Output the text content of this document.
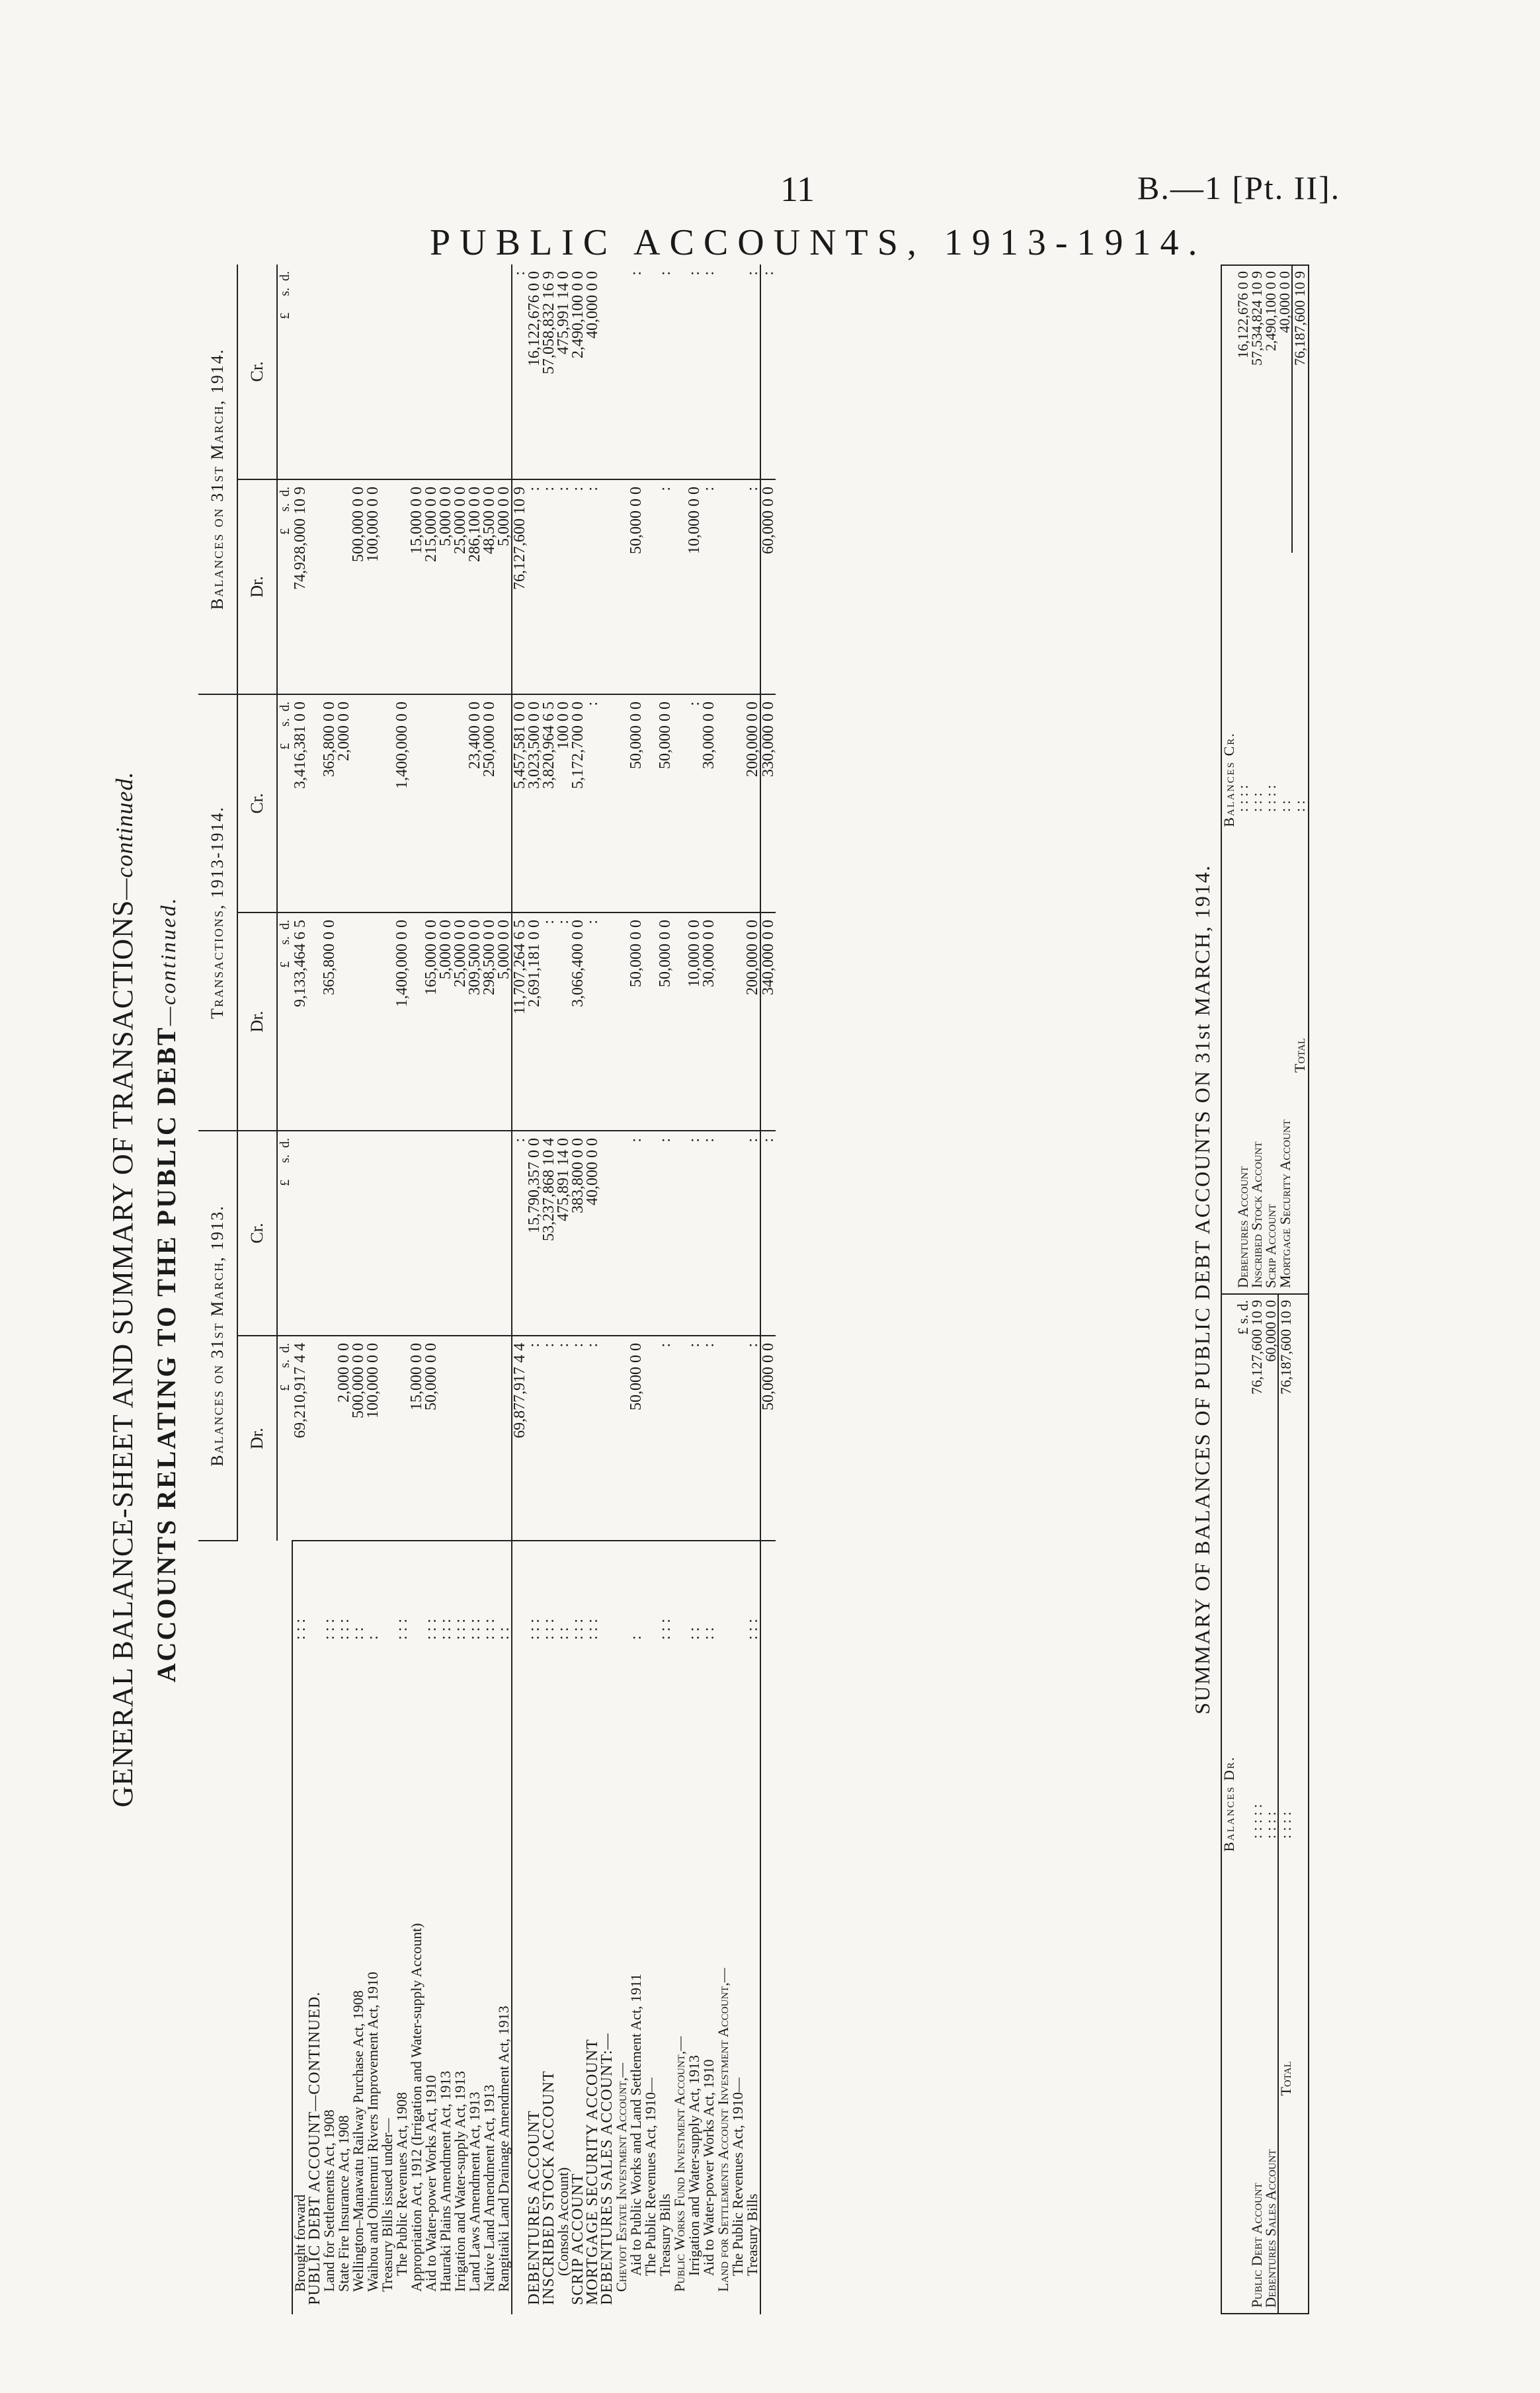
11	B.—1 [Pt. II].
PUBLIC ACCOUNTS, 1913-1914.
GENERAL BALANCE-SHEET AND SUMMARY OF TRANSACTIONS—continued.
ACCOUNTS RELATING TO THE PUBLIC DEBT—continued.
		Balances on 31st March, 1913.		Transactions, 1913-1914.		Balances on 31st March, 1914.	
		Dr.	Cr.	Dr.	Cr.	Dr.	Cr.
		£     s.  d.	£     s.  d.	£     s.  d.	£     s.  d.	£     s.  d.	£     s.  d.
Brought forward	: : :	69,210,917 4 4		9,133,464 6 5	3,416,381 0 0	74,928,000 10 9	
PUBLIC DEBT ACCOUNT—CONTINUED.							
Land for Settlements Act, 1908	: : :			365,800 0 0	365,800 0 0		
State Fire Insurance Act, 1908	: : :	2,000 0 0			2,000 0 0		
Wellington–Manawatu Railway Purchase Act, 1908	: :	500,000 0 0				500,000 0 0	
Waihou and Ohinemuri Rivers Improvement Act, 1910	:	100,000 0 0				100,000 0 0	
Treasury Bills issued under—							
The Public Revenues Act, 1908	: : :			1,400,000 0 0	1,400,000 0 0		
Appropriation Act, 1912 (Irrigation and Water-supply Account)		15,000 0 0				15,000 0 0	
Aid to Water-power Works Act, 1910	: : :	50,000 0 0		165,000 0 0		215,000 0 0	
Hauraki Plains Amendment Act, 1913	: : :			5,000 0 0		5,000 0 0	
Irrigation and Water-supply Act, 1913	: : :			25,000 0 0		25,000 0 0	
Land Laws Amendment Act, 1913	: : :			309,500 0 0	23,400 0 0	286,100 0 0	
Native Land Amendment Act, 1913	: : :			298,500 0 0	250,000 0 0	48,500 0 0	
Rangitaiki Land Drainage Amendment Act, 1913	: :			5,000 0 0		5,000 0 0	
		69,877,917 4 4	:	11,707,264 6 5	5,457,581 0 0	76,127,600 10 9	:
DEBENTURES ACCOUNT	: : :	:	15,790,357 0 0	2,691,181 0 0	3,023,500 0 0	:	16,122,676 0 0
INSCRIBED STOCK ACCOUNT	: : :	:	53,237,868 10 4	:	3,820,964 6 5	:	57,058,832 16 9
(Consols Account)	: :	:	475,891 14 0	:	100 0 0	:	475,991 14 0
SCRIP ACCOUNT	: : :	:	383,800 0 0	3,066,400 0 0	5,172,700 0 0	:	2,490,100 0 0
MORTGAGE SECURITY ACCOUNT	: : :	:	40,000 0 0	:	:	:	40,000 0 0
DEBENTURES SALES ACCOUNT:—							
Cheviot Estate Investment Account,—							
Aid to Public Works and Land Settlement Act, 1911	:	50,000 0 0	:	50,000 0 0	50,000 0 0	50,000 0 0	:
The Public Revenues Act, 1910—							
Treasury Bills	: : :	:	:	50,000 0 0	50,000 0 0	:	:
Public Works Fund Investment Account,—							
Irrigation and Water-supply Act, 1913	: :	:	:	10,000 0 0	:	10,000 0 0	:
Aid to Water-power Works Act, 1910	: :	:	:	30,000 0 0	30,000 0 0	:	:
Land for Settlements Account Investment Account,—							
The Public Revenues Act, 1910—							
Treasury Bills	: : :	:	:	200,000 0 0	200,000 0 0	:	:
		50,000 0 0	:	340,000 0 0	330,000 0 0	60,000 0 0	:
SUMMARY OF BALANCES OF PUBLIC DEBT ACCOUNTS ON 31st MARCH, 1914.
Balances Dr.		
		£ s. d.
Public Debt Account	: : : : :	76,127,600 10 9
Debentures Sales Account	: : : :	60,000 0 0
Total	: : : :	76,187,600 10 9
Balances Cr.		
Debentures Account	: : : :	16,122,676 0 0
Inscribed Stock Account	: : :	57,534,824 10 9
Scrip Account	: : : :	2,490,100 0 0
Mortgage Security Account	: :	40,000 0 0
Total	: :	76,187,600 10 9
